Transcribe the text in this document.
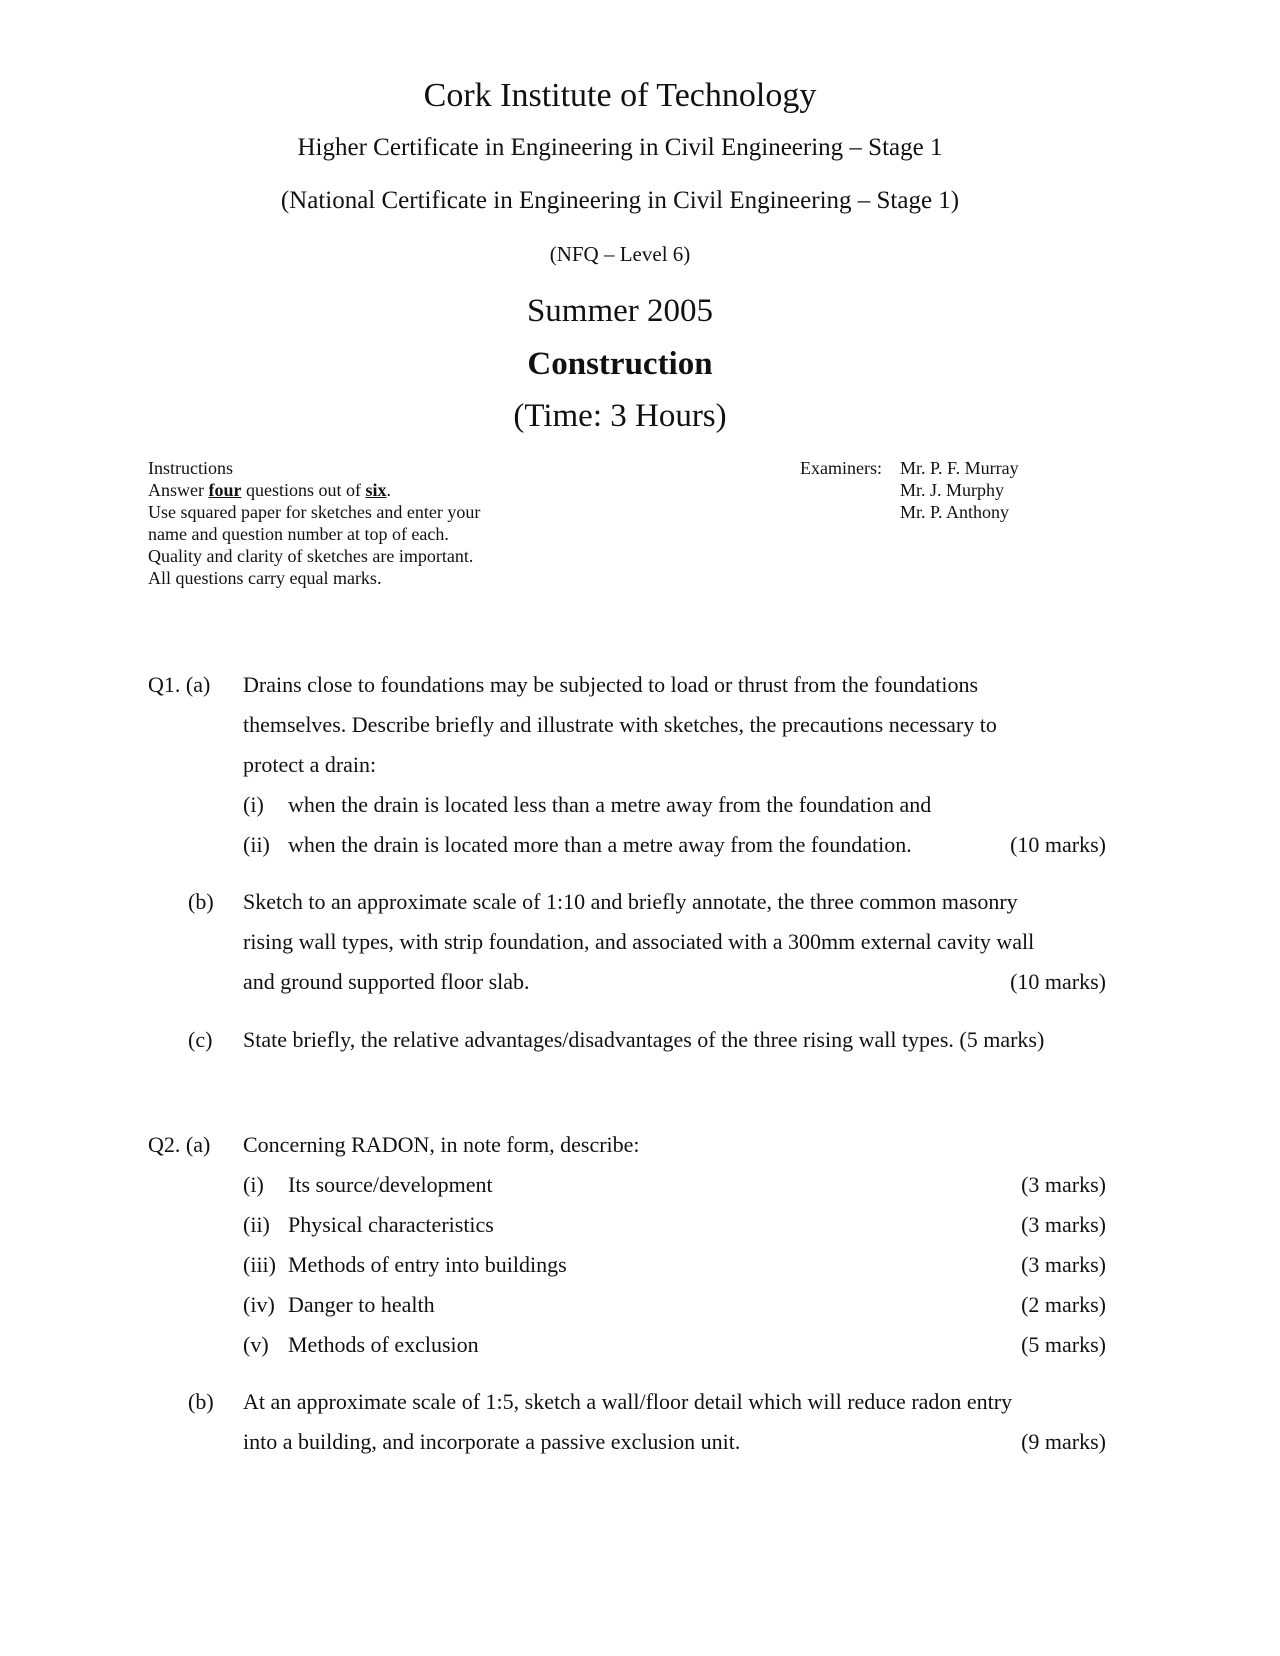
Cork Institute of Technology
Higher Certificate in Engineering in Civil Engineering – Stage 1
(National Certificate in Engineering in Civil Engineering – Stage 1)
(NFQ – Level 6)
Summer 2005
Construction
(Time: 3 Hours)
Instructions
Answer four questions out of six.
Use squared paper for sketches and enter your
name and question number at top of each.
Quality and clarity of sketches are important.
All questions carry equal marks.
Examiners: Mr. P. F. Murray
Mr. J. Murphy
Mr. P. Anthony
Q1. (a) Drains close to foundations may be subjected to load or thrust from the foundations
themselves. Describe briefly and illustrate with sketches, the precautions necessary to
protect a drain:
(i) when the drain is located less than a metre away from the foundation and
(ii) when the drain is located more than a metre away from the foundation.	(10 marks)
(b) Sketch to an approximate scale of 1:10 and briefly annotate, the three common masonry
rising wall types, with strip foundation, and associated with a 300mm external cavity wall
and ground supported floor slab.	(10 marks)
(c) State briefly, the relative advantages/disadvantages of the three rising wall types. (5 marks)
Q2. (a) Concerning RADON, in note form, describe:
(i) Its source/development	(3 marks)
(ii) Physical characteristics	(3 marks)
(iii) Methods of entry into buildings	(3 marks)
(iv) Danger to health	(2 marks)
(v) Methods of exclusion	(5 marks)
(b) At an approximate scale of 1:5, sketch a wall/floor detail which will reduce radon entry
into a building, and incorporate a passive exclusion unit.	(9 marks)
